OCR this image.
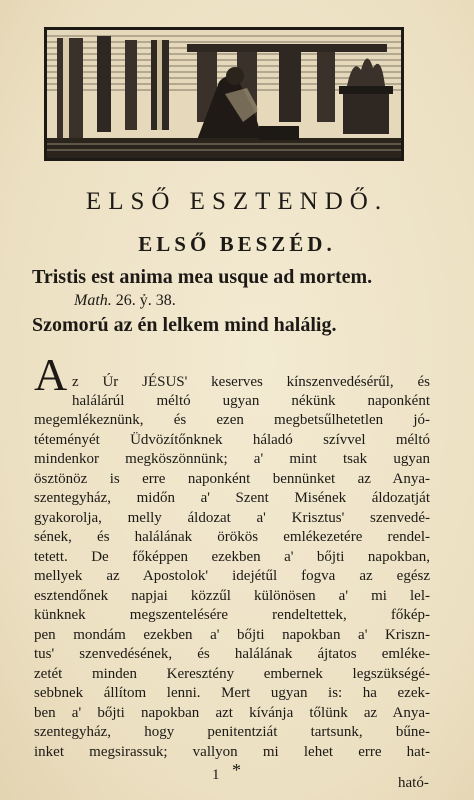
ELSŐ ESZTENDŐ.
ELSŐ BESZÉD.
Tristis est anima mea usque ad mortem.
Math. 26. ỷ. 38.
Szomorú az én lelkem mind halálig.
A z Úr JÉSUS' keserves kínszenvedésérűl, és
halálárúl méltó ugyan nékünk naponként
megemlékeznünk, és ezen megbetsűlhetetlen jó-
téteményét Üdvözítőnknek háladó szívvel méltó
mindenkor megköszönnünk; a' mint tsak ugyan
ösztönöz is erre naponként bennünket az Anya-
szentegyház, midőn a' Szent Misének áldozatját
gyakorolja, melly áldozat a' Krisztus' szenvedé-
sének, és halálának örökös emlékezetére rendel-
tetett. De főképpen ezekben a' bőjti napokban,
mellyek az Apostolok' idejétűl fogva az egész
esztendőnek napjai közzűl különösen a' mi lel-
künknek megszentelésére rendeltettek, főkép-
pen mondám ezekben a' bőjti napokban a' Kriszn-
tus' szenvedésének, és halálának ájtatos emléke-
zetét minden Keresztény embernek legszükségé-
sebbnek állítom lenni. Mert ugyan is: ha ezek-
ben a' bőjti napokban azt kívánja tőlünk az Anya-
szentegyház, hogy penitentziát tartsunk, bűne-
inket megsirassuk; vallyon mi lehet erre hat-
1 *
ható-
